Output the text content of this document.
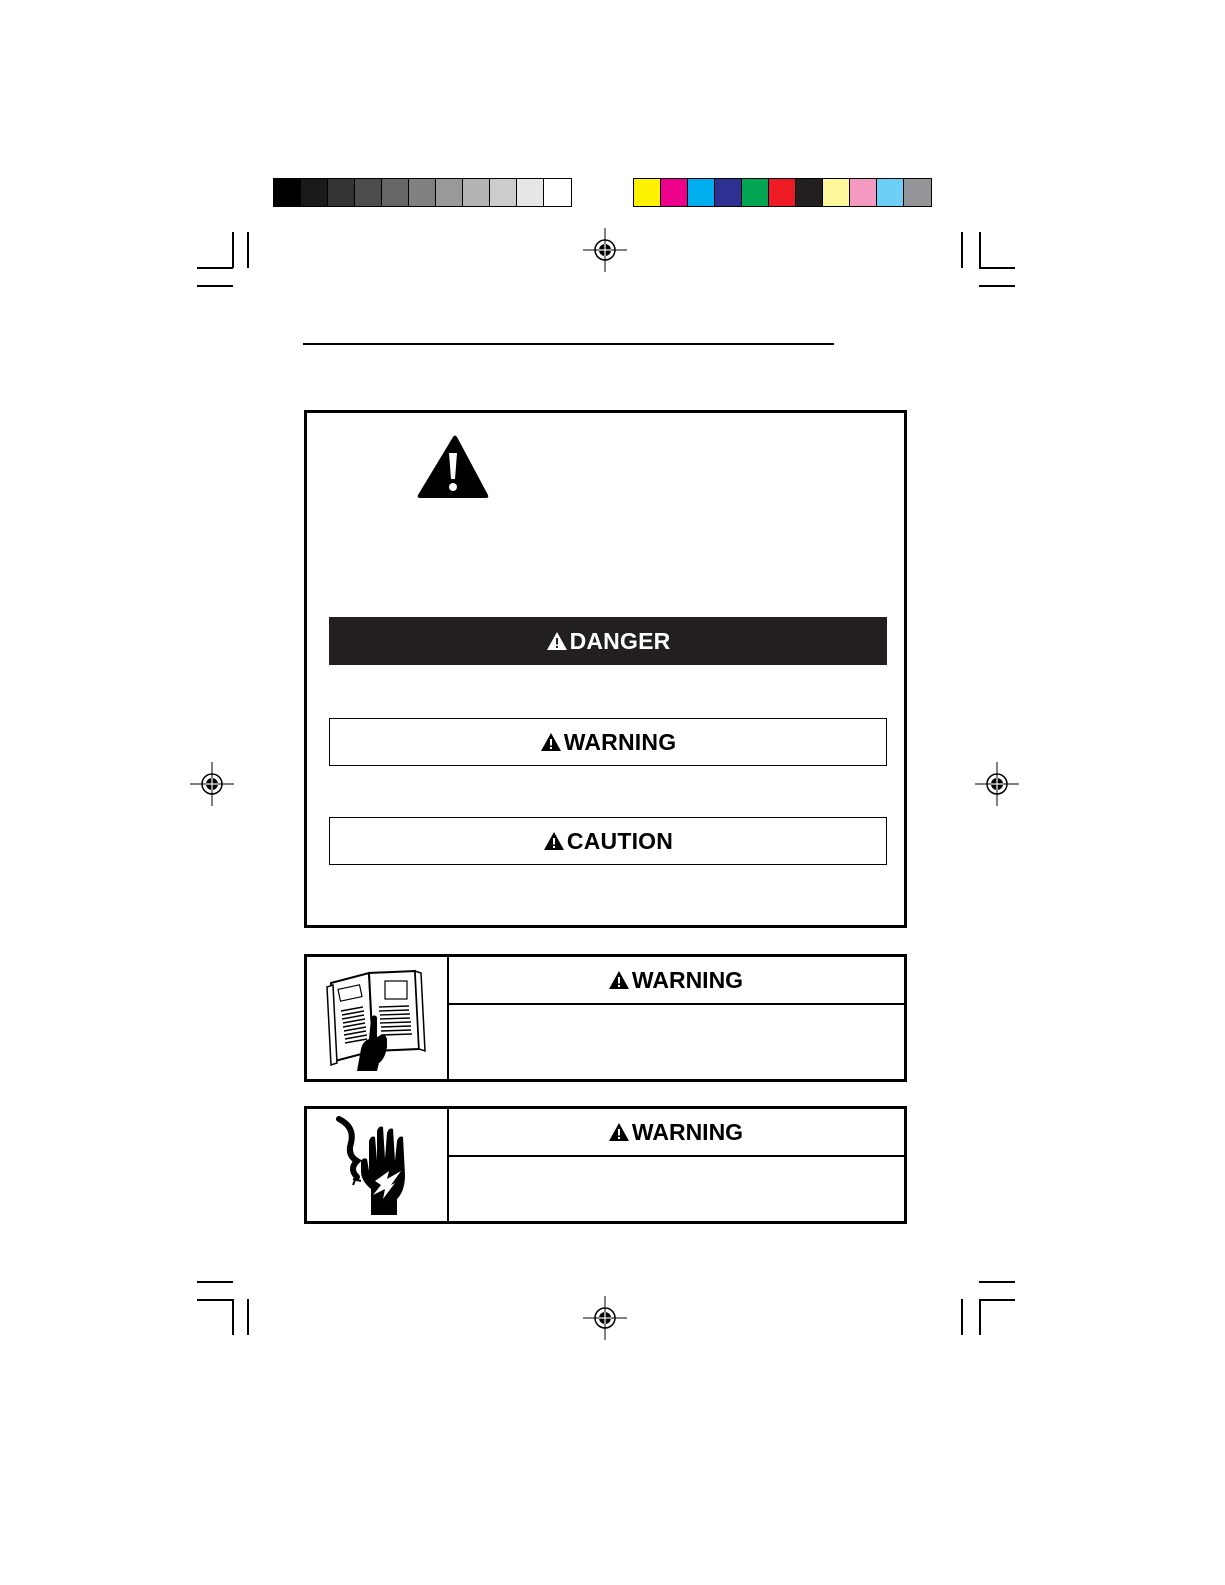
DANGER
WARNING
CAUTION
WARNING
WARNING
